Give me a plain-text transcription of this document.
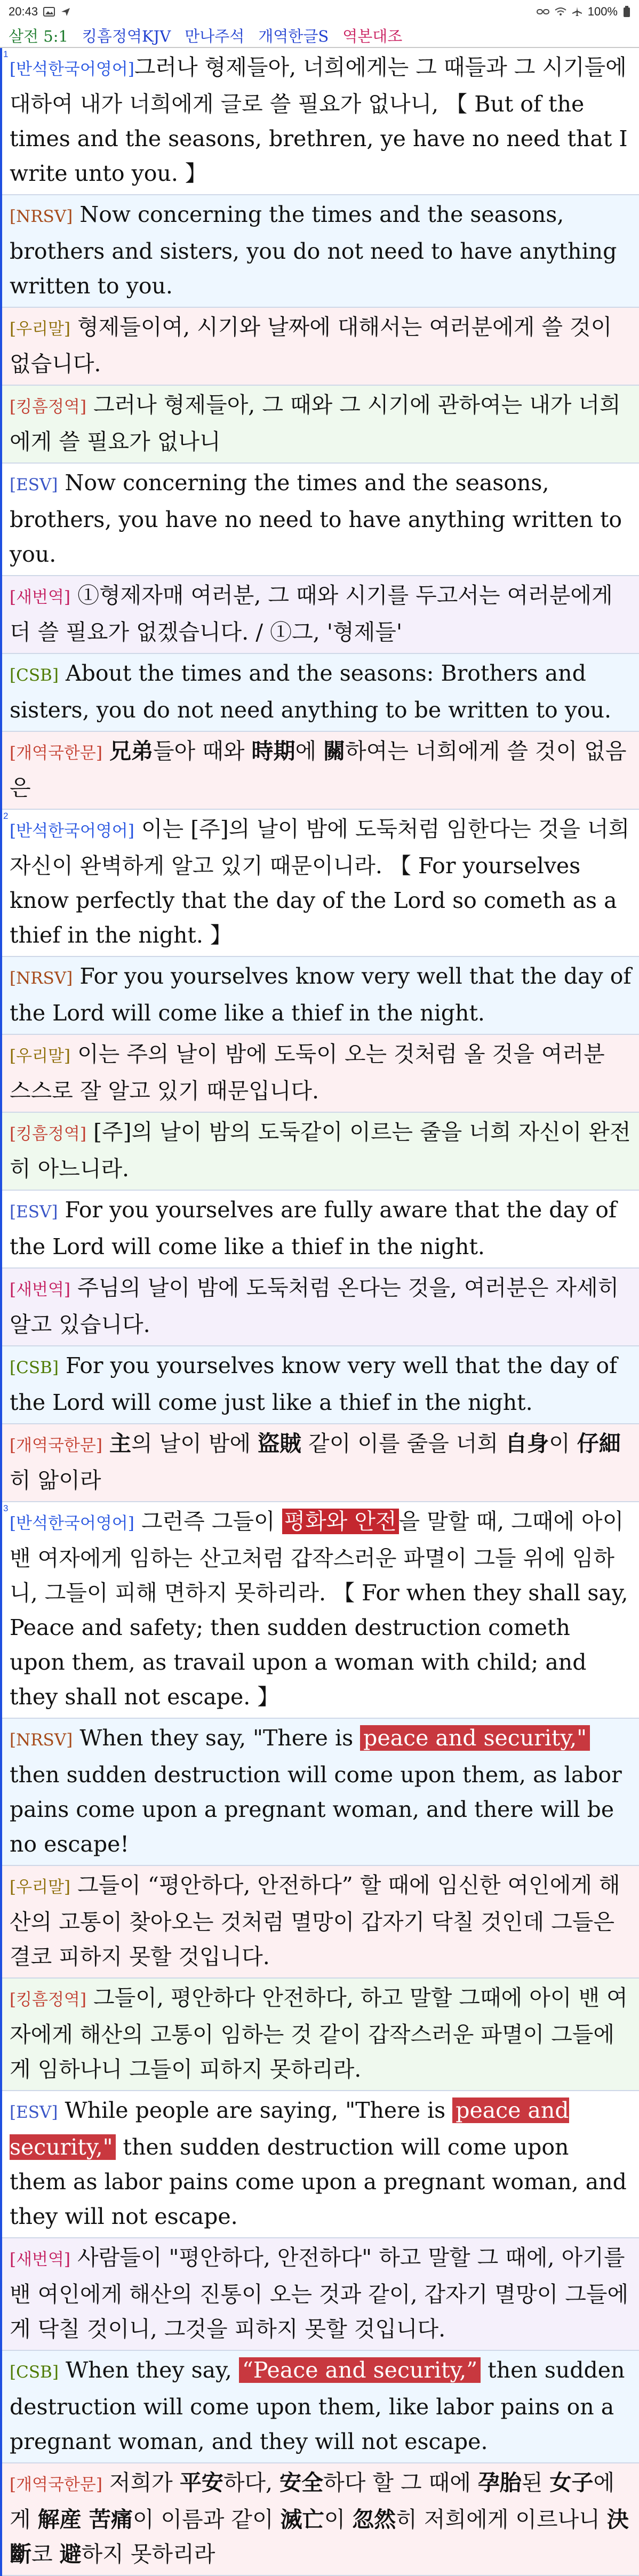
20:43	100%
살전 5:1 킹흠정역KJV 만나주석 개역한글S 역본대조
1
[반석한국어영어]그러나 형제들아, 너희에게는 그 때들과 그 시기들에 대하여 내가 너희에게 글로 쓸 필요가 없나니, 【 But of the times and the seasons, brethren, ye have no need that I write unto you. 】
[NRSV] Now concerning the times and the seasons, brothers and sisters, you do not need to have anything written to you.
[우리말] 형제들이여, 시기와 날짜에 대해서는 여러분에게 쓸 것이 없습니다.
[킹흠정역] 그러나 형제들아, 그 때와 그 시기에 관하여는 내가 너희에게 쓸 필요가 없나니
[ESV] Now concerning the times and the seasons, brothers, you have no need to have anything written to you.
[새번역] ①형제자매 여러분, 그 때와 시기를 두고서는 여러분에게 더 쓸 필요가 없겠습니다. / ①그, '형제들'
[CSB] About the times and the seasons: Brothers and sisters, you do not need anything to be written to you.
[개역국한문] 兄弟들아 때와 時期에 關하여는 너희에게 쓸 것이 없음은
2
[반석한국어영어] 이는 [주]의 날이 밤에 도둑처럼 임한다는 것을 너희 자신이 완벽하게 알고 있기 때문이니라. 【 For yourselves know perfectly that the day of the Lord so cometh as a thief in the night. 】
[NRSV] For you yourselves know very well that the day of the Lord will come like a thief in the night.
[우리말] 이는 주의 날이 밤에 도둑이 오는 것처럼 올 것을 여러분 스스로 잘 알고 있기 때문입니다.
[킹흠정역] [주]의 날이 밤의 도둑같이 이르는 줄을 너희 자신이 완전히 아느니라.
[ESV] For you yourselves are fully aware that the day of the Lord will come like a thief in the night.
[새번역] 주님의 날이 밤에 도둑처럼 온다는 것을, 여러분은 자세히 알고 있습니다.
[CSB] For you yourselves know very well that the day of the Lord will come just like a thief in the night.
[개역국한문] 主의 날이 밤에 盜賊 같이 이를 줄을 너희 自身이 仔細히 앎이라
3
[반석한국어영어] 그런즉 그들이 평화와 안전을 말할 때, 그때에 아이 밴 여자에게 임하는 산고처럼 갑작스러운 파멸이 그들 위에 임하니, 그들이 피해 면하지 못하리라. 【 For when they shall say, Peace and safety; then sudden destruction cometh upon them, as travail upon a woman with child; and they shall not escape. 】
[NRSV] When they say, "There is peace and security," then sudden destruction will come upon them, as labor pains come upon a pregnant woman, and there will be no escape!
[우리말] 그들이 “평안하다, 안전하다” 할 때에 임신한 여인에게 해산의 고통이 찾아오는 것처럼 멸망이 갑자기 닥칠 것인데 그들은 결코 피하지 못할 것입니다.
[킹흠정역] 그들이, 평안하다 안전하다, 하고 말할 그때에 아이 밴 여자에게 해산의 고통이 임하는 것 같이 갑작스러운 파멸이 그들에게 임하나니 그들이 피하지 못하리라.
[ESV] While people are saying, "There is peace and security," then sudden destruction will come upon them as labor pains come upon a pregnant woman, and they will not escape.
[새번역] 사람들이 "평안하다, 안전하다" 하고 말할 그 때에, 아기를 밴 여인에게 해산의 진통이 오는 것과 같이, 갑자기 멸망이 그들에게 닥칠 것이니, 그것을 피하지 못할 것입니다.
[CSB] When they say, “Peace and security,” then sudden destruction will come upon them, like labor pains on a pregnant woman, and they will not escape.
[개역국한문] 저희가 平安하다, 安全하다 할 그 때에 孕胎된 女子에게 解産 苦痛이 이름과 같이 滅亡이 忽然히 저희에게 이르나니 決斷코 避하지 못하리라
